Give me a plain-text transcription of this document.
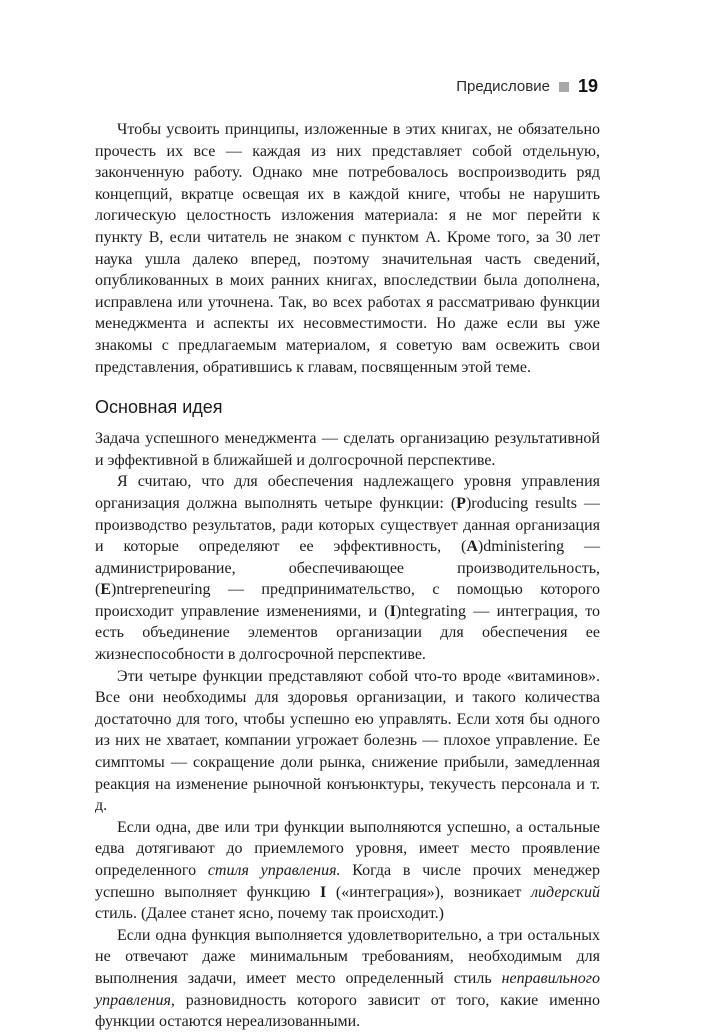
Предисловие 19

Чтобы усвоить принципы, изложенные в этих книгах, не обязательно прочесть их все — каждая из них представляет собой отдельную, законченную работу. Однако мне потребовалось воспроизводить ряд концепций, вкратце освещая их в каждой книге, чтобы не нарушить логическую целостность изложения материала: я не мог перейти к пункту B, если читатель не знаком с пунктом A. Кроме того, за 30 лет наука ушла далеко вперед, поэтому значительная часть сведений, опубликованных в моих ранних книгах, впоследствии была дополнена, исправлена или уточнена. Так, во всех работах я рассматриваю функции менеджмента и аспекты их несовместимости. Но даже если вы уже знакомы с предлагаемым материалом, я советую вам освежить свои представления, обратившись к главам, посвященным этой теме.

Основная идея

Задача успешного менеджмента — сделать организацию результативной и эффективной в ближайшей и долгосрочной перспективе.

Я считаю, что для обеспечения надлежащего уровня управления организация должна выполнять четыре функции: (P)roducing results — производство результатов, ради которых существует данная организация и которые определяют ее эффективность, (A)dministering — администрирование, обеспечивающее производительность, (E)ntrepreneuring — предпринимательство, с помощью которого происходит управление изменениями, и (I)ntegrating — интеграция, то есть объединение элементов организации для обеспечения ее жизнеспособности в долгосрочной перспективе.

Эти четыре функции представляют собой что-то вроде «витаминов». Все они необходимы для здоровья организации, и такого количества достаточно для того, чтобы успешно ею управлять. Если хотя бы одного из них не хватает, компании угрожает болезнь — плохое управление. Ее симптомы — сокращение доли рынка, снижение прибыли, замедленная реакция на изменение рыночной конъюнктуры, текучесть персонала и т. д.

Если одна, две или три функции выполняются успешно, а остальные едва дотягивают до приемлемого уровня, имеет место проявление определенного стиля управления. Когда в числе прочих менеджер успешно выполняет функцию I («интеграция»), возникает лидерский стиль. (Далее станет ясно, почему так происходит.)

Если одна функция выполняется удовлетворительно, а три остальных не отвечают даже минимальным требованиям, необходимым для выполнения задачи, имеет место определенный стиль неправильного управления, разновидность которого зависит от того, какие именно функции остаются нереализованными.
